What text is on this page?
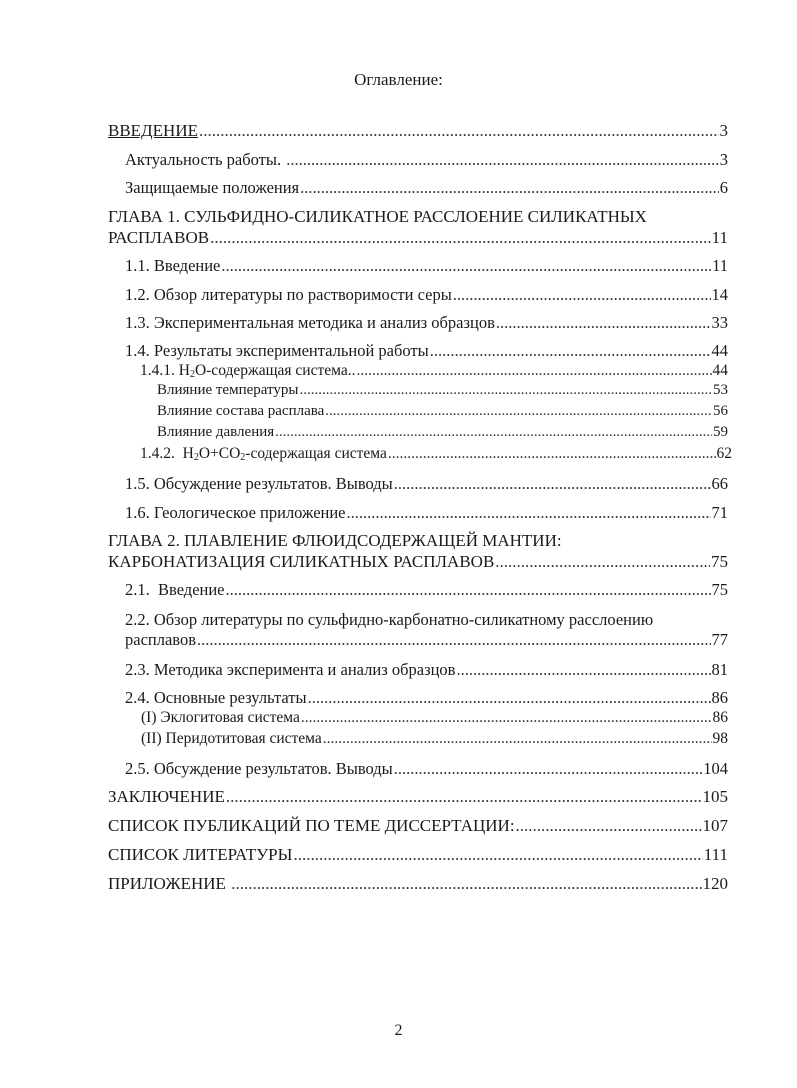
Оглавление:
ВВЕДЕНИЕ .....	3
Актуальность работы. .....	3
Защищаемые положения .....	6
ГЛАВА 1. СУЛЬФИДНО-СИЛИКАТНОЕ РАССЛОЕНИЕ СИЛИКАТНЫХ
РАСПЛАВОВ .....	11
1.1. Введение .....	11
1.2. Обзор литературы по растворимости серы .....	14
1.3. Экспериментальная методика и анализ образцов .....	33
1.4. Результаты экспериментальной работы .....	44
1.4.1. $H_2O$-содержащая система.. .....	44
Влияние температуры .....	53
Влияние состава расплава .....	56
Влияние давления .....	59
1.4.2.  $H_2O+CO_2$-содержащая система .....	62
1.5. Обсуждение результатов. Выводы .....	66
1.6. Геологическое приложение .....	71
ГЛАВА 2. ПЛАВЛЕНИЕ ФЛЮИДСОДЕРЖАЩЕЙ МАНТИИ:
КАРБОНАТИЗАЦИЯ СИЛИКАТНЫХ РАСПЛАВОВ .....	75
2.1.  Введение .....	75
2.2. Обзор литературы по сульфидно-карбонатно-силикатному расслоению
расплавов .....	77
2.3. Методика эксперимента и анализ образцов .....	81
2.4. Основные результаты .....	86
(I) Эклогитовая система .....	86
(II) Перидотитовая система .....	98
2.5. Обсуждение результатов. Выводы .....	104
ЗАКЛЮЧЕНИЕ .....	105
СПИСОК ПУБЛИКАЦИЙ ПО ТЕМЕ ДИССЕРТАЦИИ: .....	107
СПИСОК ЛИТЕРАТУРЫ .....	111
ПРИЛОЖЕНИЕ .....	120
2
